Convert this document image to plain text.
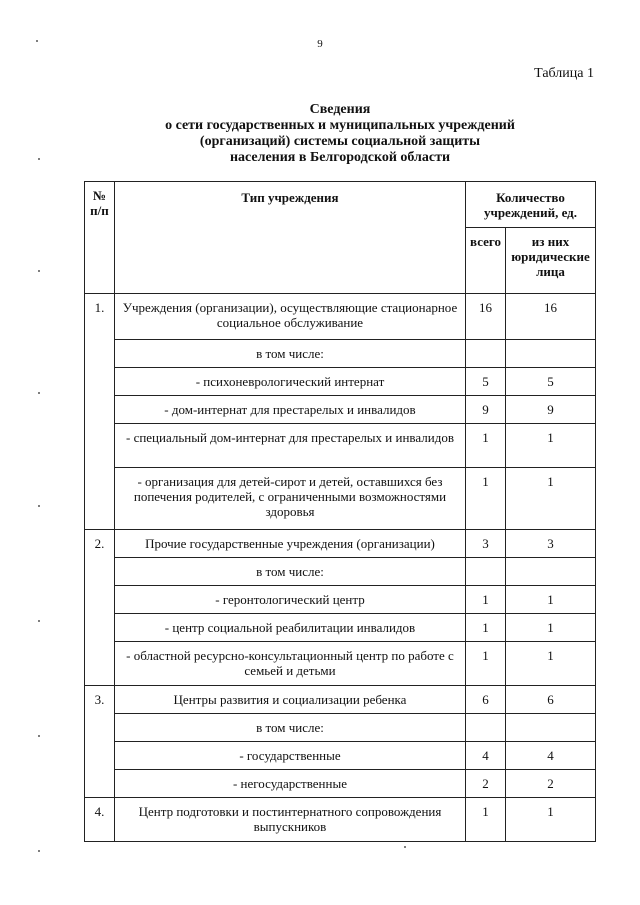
9
Таблица 1
Сведения
о сети государственных и муниципальных учреждений
(организаций) системы социальной защиты
населения в Белгородской области
№ п/п	Тип учреждения	Количество учреждений, ед.	
		всего	из них юридические лица
1.	Учреждения (организации), осуществляющие стационарное социальное обслуживание	16	16
	в том числе:		
	- психоневрологический интернат	5	5
	- дом-интернат для престарелых и инвалидов	9	9
	- специальный дом-интернат для престарелых и инвалидов	1	1
	- организация для детей-сирот и детей, оставшихся без попечения родителей, с ограниченными возможностями здоровья	1	1
2.	Прочие государственные учреждения (организации)	3	3
	в том числе:		
	- геронтологический центр	1	1
	- центр социальной реабилитации инвалидов	1	1
	- областной ресурсно-консультационный центр по работе с семьей и детьми	1	1
3.	Центры развития и социализации ребенка	6	6
	в том числе:		
	- государственные	4	4
	- негосударственные	2	2
4.	Центр подготовки и постинтернатного сопровождения выпускников	1	1
